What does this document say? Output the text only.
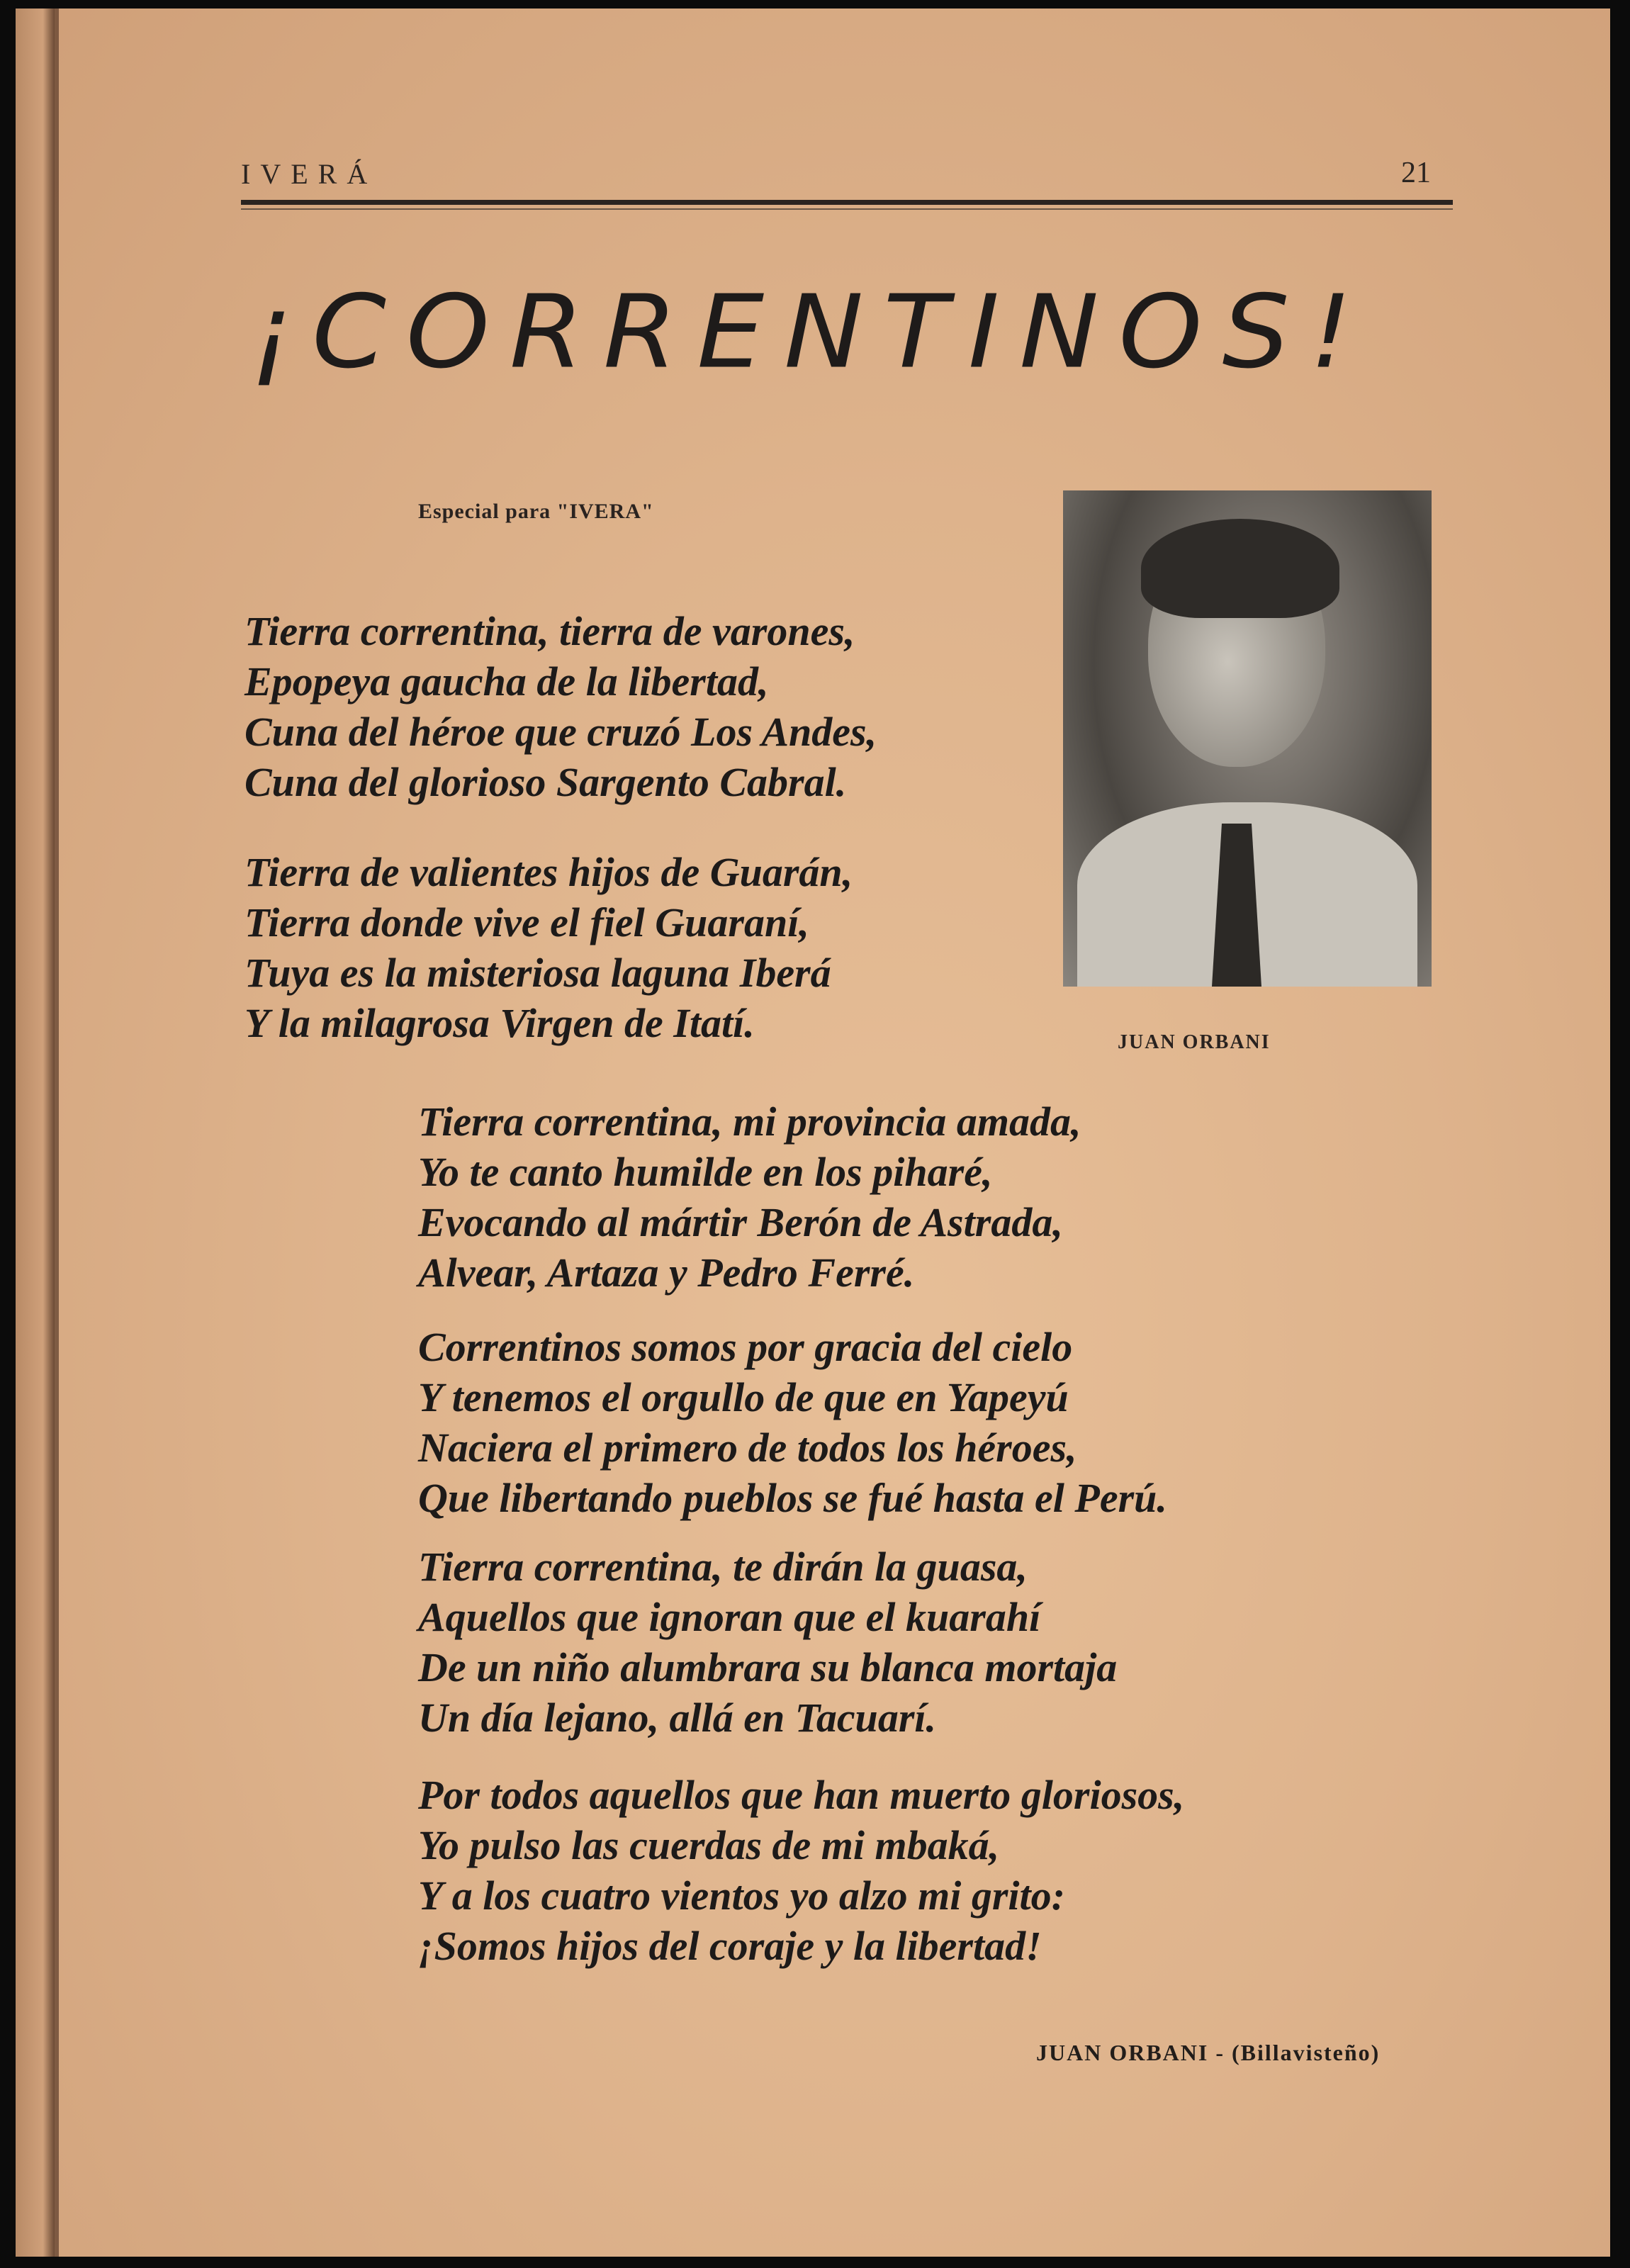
IVERÁ	21
¡CORRENTINOS!
Especial para "IVERA"
JUAN ORBANI
Tierra correntina, tierra de varones,
Epopeya gaucha de la libertad,
Cuna del héroe que cruzó Los Andes,
Cuna del glorioso Sargento Cabral.
Tierra de valientes hijos de Guarán,
Tierra donde vive el fiel Guaraní,
Tuya es la misteriosa laguna Iberá
Y la milagrosa Virgen de Itatí.
Tierra correntina, mi provincia amada,
Yo te canto humilde en los piharé,
Evocando al mártir Berón de Astrada,
Alvear, Artaza y Pedro Ferré.
Correntinos somos por gracia del cielo
Y tenemos el orgullo de que en Yapeyú
Naciera el primero de todos los héroes,
Que libertando pueblos se fué hasta el Perú.
Tierra correntina, te dirán la guasa,
Aquellos que ignoran que el kuarahí
De un niño alumbrara su blanca mortaja
Un día lejano, allá en Tacuarí.
Por todos aquellos que han muerto gloriosos,
Yo pulso las cuerdas de mi mbaká,
Y a los cuatro vientos yo alzo mi grito:
¡Somos hijos del coraje y la libertad!
JUAN ORBANI - (Billavisteño)
